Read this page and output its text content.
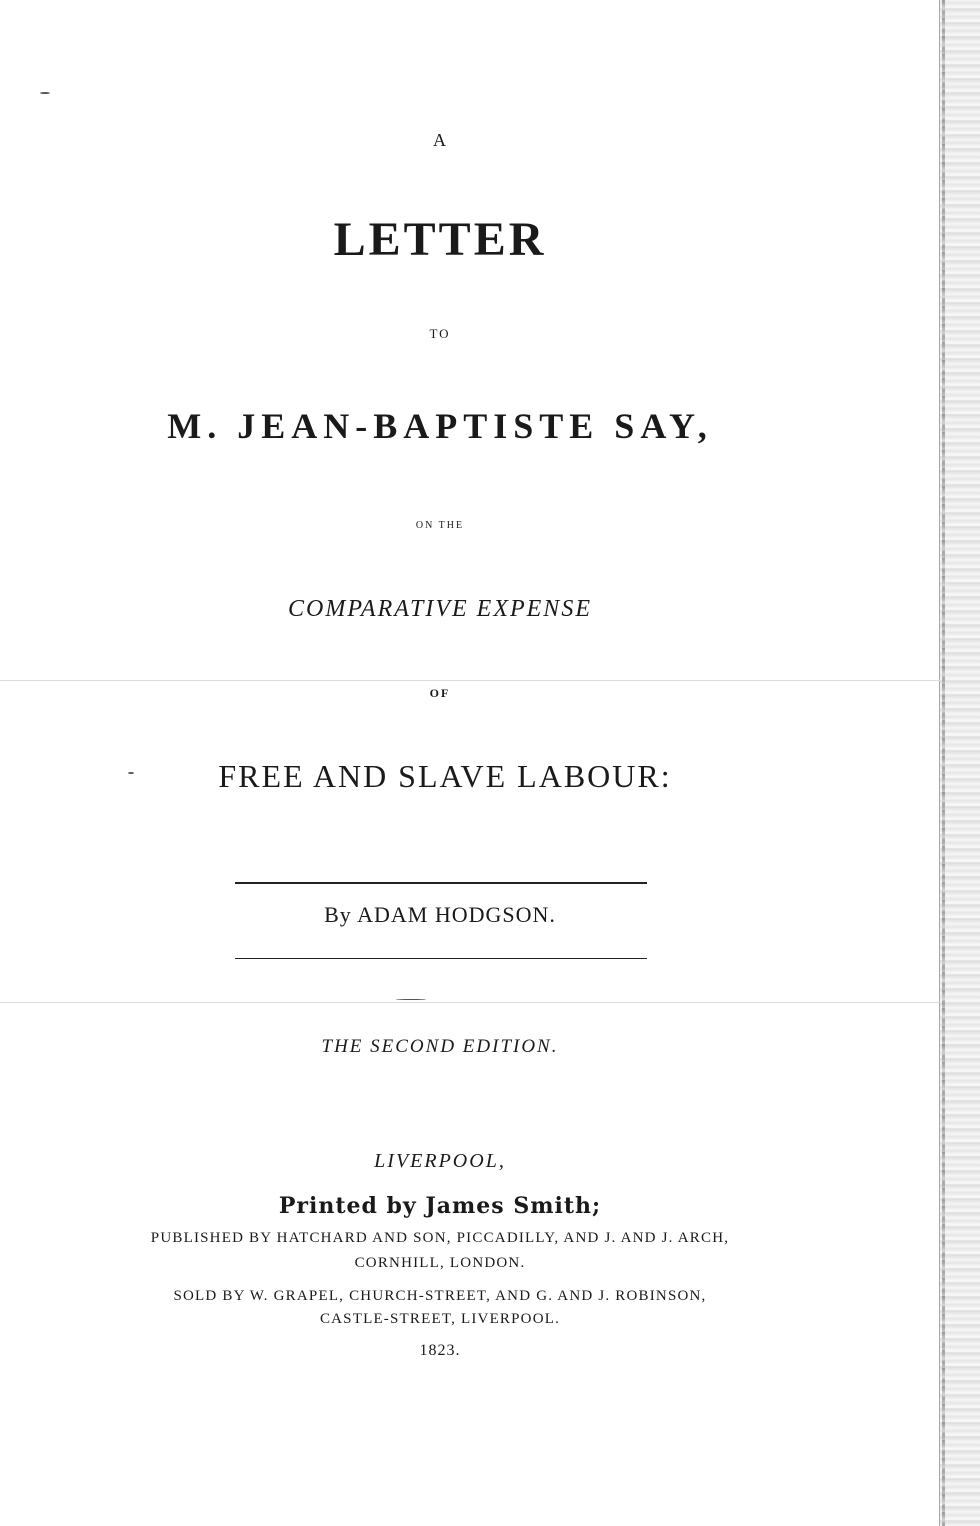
A
LETTER
TO
M. JEAN-BAPTISTE SAY,
ON THE
COMPARATIVE EXPENSE
OF
FREE AND SLAVE LABOUR:
By ADAM HODGSON.
THE SECOND EDITION.
LIVERPOOL,
Printed by James Smith;
PUBLISHED BY HATCHARD AND SON, PICCADILLY, AND J. AND J. ARCH,
CORNHILL, LONDON.
SOLD BY W. GRAPEL, CHURCH-STREET, AND G. AND J. ROBINSON,
CASTLE-STREET, LIVERPOOL.
1823.
